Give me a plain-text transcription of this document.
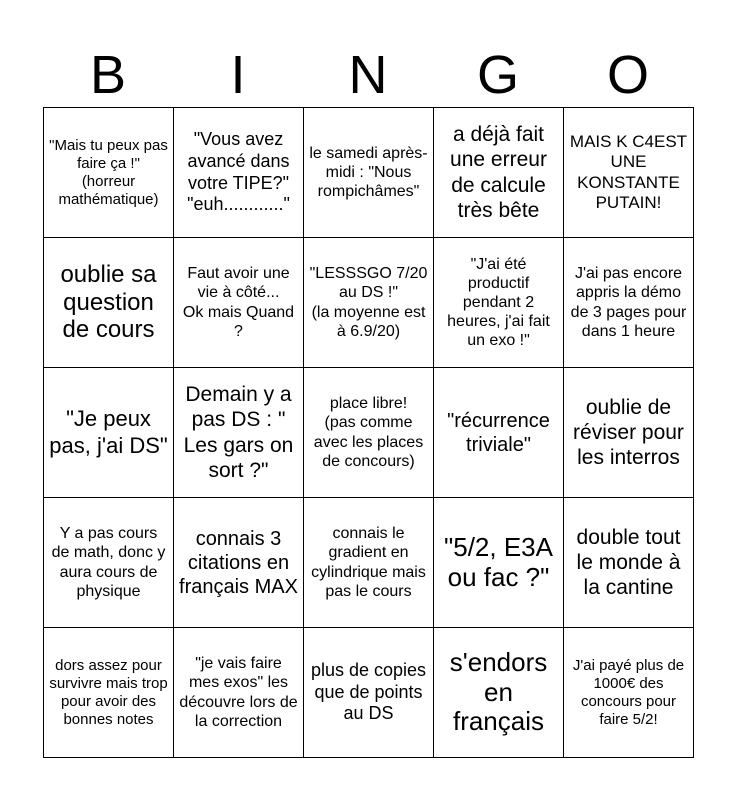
B	I	N	G	O
"Mais tu peux pas faire ça !"
(horreur mathématique)
"Vous avez avancé dans votre TIPE?"
"euh............"
le samedi après-midi : "Nous rompichâmes"
a déjà fait une erreur de calcule très bête
MAIS K C4EST UNE KONSTANTE PUTAIN!
oublie sa question de cours
Faut avoir une vie à côté...
Ok mais Quand ?
"LESSSGO 7/20 au DS !"
(la moyenne est à 6.9/20)
"J'ai été productif pendant 2 heures, j'ai fait un exo !"
J'ai pas encore appris la démo de 3 pages pour dans 1 heure
"Je peux pas, j'ai DS"
Demain y a pas DS : " Les gars on sort ?"
place libre!
(pas comme avec les places de concours)
"récurrence triviale"
oublie de réviser pour les interros
Y a pas cours de math, donc y aura cours de physique
connais 3 citations en français MAX
connais le gradient en cylindrique mais pas le cours
"5/2, E3A ou fac ?"
double tout le monde à la cantine
dors assez pour survivre mais trop pour avoir des bonnes notes
"je vais faire mes exos" les découvre lors de la correction
plus de copies que de points au DS
s'endors en français
J'ai payé plus de 1000€ des concours pour faire 5/2!
